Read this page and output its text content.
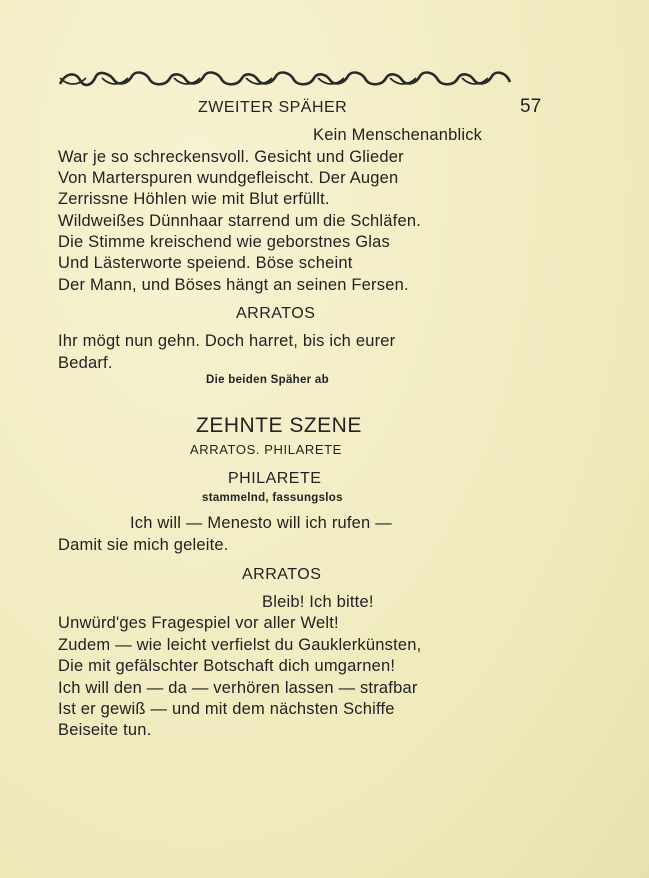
ZWEITER SPÄHER	57
Kein Menschenanblick
War je so schreckensvoll. Gesicht und Glieder
Von Marterspuren wundgefleischt. Der Augen
Zerrissne Höhlen wie mit Blut erfüllt.
Wildweißes Dünnhaar starrend um die Schläfen.
Die Stimme kreischend wie geborstnes Glas
Und Lästerworte speiend. Böse scheint
Der Mann, und Böses hängt an seinen Fersen.
ARRATOS
Ihr mögt nun gehn. Doch harret, bis ich eurer
Bedarf.
Die beiden Späher ab
ZEHNTE SZENE
ARRATOS. PHILARETE
PHILARETE
stammelnd, fassungslos
Ich will — Menesto will ich rufen —
Damit sie mich geleite.
ARRATOS
Bleib! Ich bitte!
Unwürd'ges Fragespiel vor aller Welt!
Zudem — wie leicht verfielst du Gauklerkünsten,
Die mit gefälschter Botschaft dich umgarnen!
Ich will den — da — verhören lassen — strafbar
Ist er gewiß — und mit dem nächsten Schiffe
Beiseite tun.
